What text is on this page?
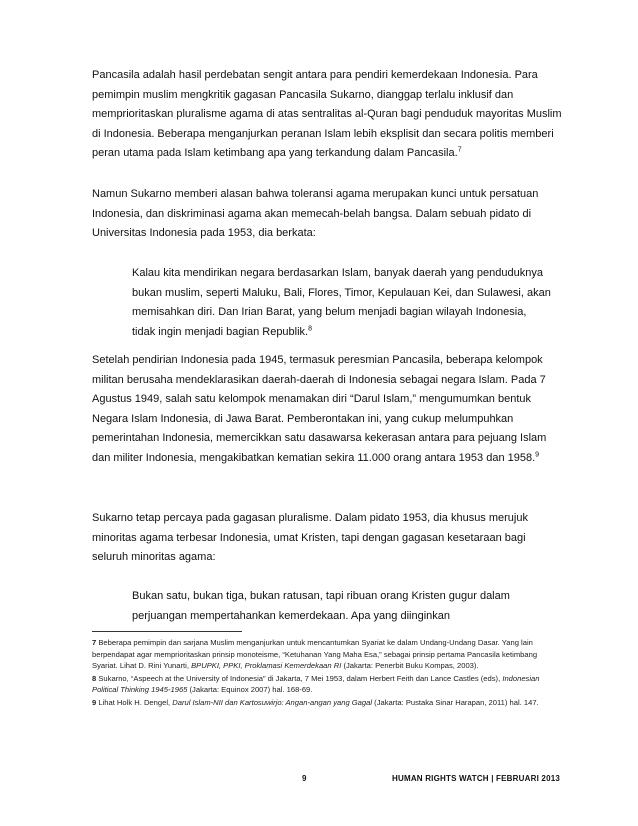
Pancasila adalah hasil perdebatan sengit antara para pendiri kemerdekaan Indonesia. Para pemimpin muslim mengkritik gagasan Pancasila Sukarno, dianggap terlalu inklusif dan memprioritaskan pluralisme agama di atas sentralitas al-Quran bagi penduduk mayoritas Muslim di Indonesia. Beberapa menganjurkan peranan Islam lebih eksplisit dan secara politis memberi peran utama pada Islam ketimbang apa yang terkandung dalam Pancasila.$^7$

Namun Sukarno memberi alasan bahwa toleransi agama merupakan kunci untuk persatuan Indonesia, dan diskriminasi agama akan memecah-belah bangsa. Dalam sebuah pidato di Universitas Indonesia pada 1953, dia berkata:

Kalau kita mendirikan negara berdasarkan Islam, banyak daerah yang penduduknya bukan muslim, seperti Maluku, Bali, Flores, Timor, Kepulauan Kei, dan Sulawesi, akan memisahkan diri. Dan Irian Barat, yang belum menjadi bagian wilayah Indonesia, tidak ingin menjadi bagian Republik.$^8$

Setelah pendirian Indonesia pada 1945, termasuk peresmian Pancasila, beberapa kelompok militan berusaha mendeklarasikan daerah-daerah di Indonesia sebagai negara Islam. Pada 7 Agustus 1949, salah satu kelompok menamakan diri “Darul Islam,” mengumumkan bentuk Negara Islam Indonesia, di Jawa Barat. Pemberontakan ini, yang cukup melumpuhkan pemerintahan Indonesia, memercikkan satu dasawarsa kekerasan antara para pejuang Islam dan militer Indonesia, mengakibatkan kematian sekira 11.000 orang antara 1953 dan 1958.$^9$

Sukarno tetap percaya pada gagasan pluralisme. Dalam pidato 1953, dia khusus merujuk minoritas agama terbesar Indonesia, umat Kristen, tapi dengan gagasan kesetaraan bagi seluruh minoritas agama:

Bukan satu, bukan tiga, bukan ratusan, tapi ribuan orang Kristen gugur dalam perjuangan mempertahankan kemerdekaan. Apa yang diinginkan

7 Beberapa pemimpin dan sarjana Muslim menganjurkan untuk mencantumkan Syariat ke dalam Undang-Undang Dasar. Yang lain berpendapat agar memprioritaskan prinsip monoteisme, “Ketuhanan Yang Maha Esa,” sebagai prinsip pertama Pancasila ketimbang Syariat. Lihat D. Rini Yunarti, BPUPKI, PPKI, Proklamasi Kemerdekaan RI (Jakarta: Penerbit Buku Kompas, 2003).

8 Sukarno, “Aspeech at the University of Indonesia” di Jakarta, 7 Mei 1953, dalam Herbert Feith dan Lance Castles (eds), Indonesian Political Thinking 1945-1965 (Jakarta: Equinox 2007) hal. 168-69.

9 Lihat Holk H. Dengel, Darul Islam-NII dan Kartosuwirjo: Angan-angan yang Gagal (Jakarta: Pustaka Sinar Harapan, 2011) hal. 147.

9	HUMAN RIGHTS WATCH | FEBRUARI 2013
